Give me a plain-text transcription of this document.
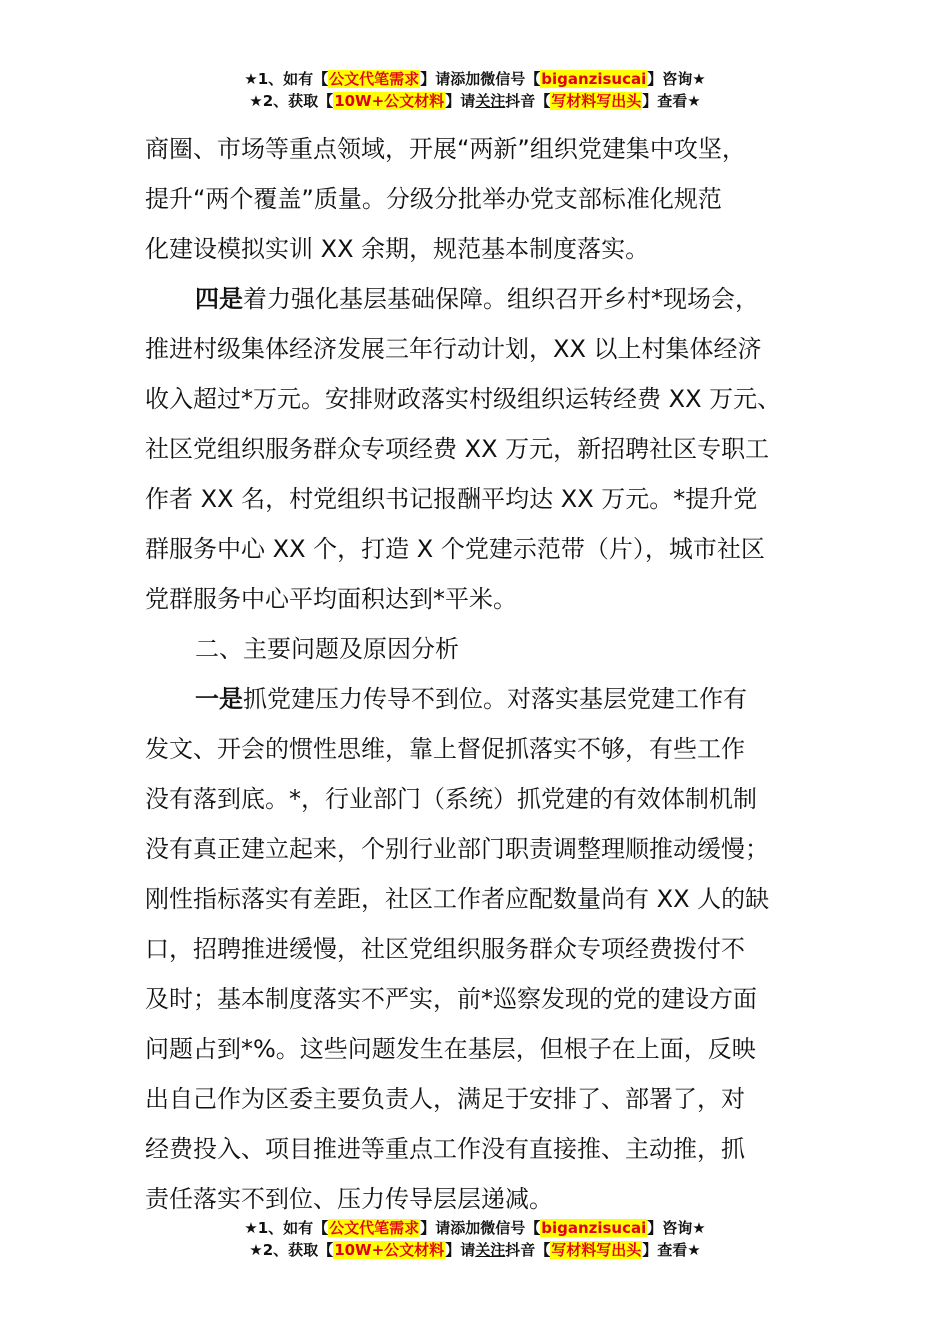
★1、如有【公文代笔需求】请添加微信号【biganzisucai】咨询★
★2、获取【10W+公文材料】请关注抖音【写材料写出头】查看★
商圈、市场等重点领域，开展“两新”组织党建集中攻坚，
提升“两个覆盖”质量。分级分批举办党支部标准化规范
化建设模拟实训 XX 余期，规范基本制度落实。
四是着力强化基层基础保障。组织召开乡村*现场会，
推进村级集体经济发展三年行动计划，XX 以上村集体经济
收入超过*万元。安排财政落实村级组织运转经费 XX 万元、
社区党组织服务群众专项经费 XX 万元，新招聘社区专职工
作者 XX 名，村党组织书记报酬平均达 XX 万元。*提升党
群服务中心 XX 个，打造 X 个党建示范带（片），城市社区
党群服务中心平均面积达到*平米。
二、主要问题及原因分析
一是抓党建压力传导不到位。对落实基层党建工作有
发文、开会的惯性思维，靠上督促抓落实不够，有些工作
没有落到底。*，行业部门（系统）抓党建的有效体制机制
没有真正建立起来，个别行业部门职责调整理顺推动缓慢；
刚性指标落实有差距，社区工作者应配数量尚有 XX 人的缺
口，招聘推进缓慢，社区党组织服务群众专项经费拨付不
及时；基本制度落实不严实，前*巡察发现的党的建设方面
问题占到*%。这些问题发生在基层，但根子在上面，反映
出自己作为区委主要负责人，满足于安排了、部署了，对
经费投入、项目推进等重点工作没有直接推、主动推，抓
责任落实不到位、压力传导层层递减。
★1、如有【公文代笔需求】请添加微信号【biganzisucai】咨询★
★2、获取【10W+公文材料】请关注抖音【写材料写出头】查看★
